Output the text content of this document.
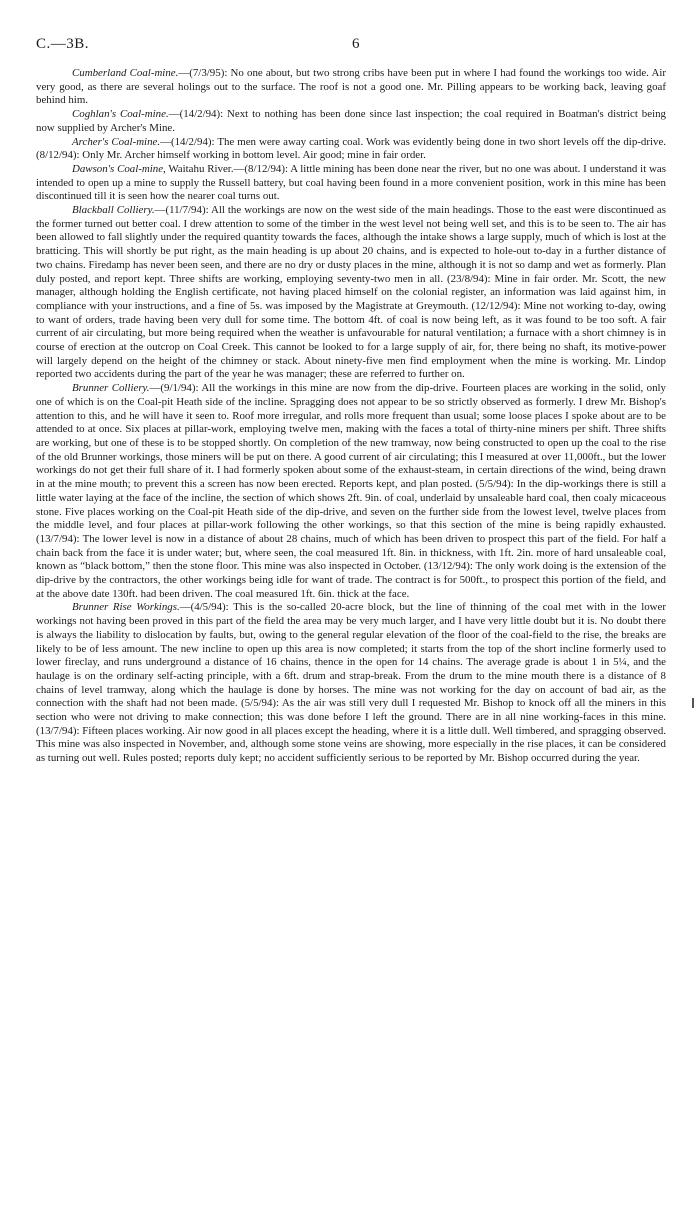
C.—3B.	6

Cumberland Coal-mine.—(7/3/95): No one about, but two strong cribs have been put in where I had found the workings too wide. Air very good, as there are several holings out to the surface. The roof is not a good one. Mr. Pilling appears to be working back, leaving goaf behind him.

Coghlan's Coal-mine.—(14/2/94): Next to nothing has been done since last inspection; the coal required in Boatman's district being now supplied by Archer's Mine.

Archer's Coal-mine.—(14/2/94): The men were away carting coal. Work was evidently being done in two short levels off the dip-drive. (8/12/94): Only Mr. Archer himself working in bottom level. Air good; mine in fair order.

Dawson's Coal-mine, Waitahu River.—(8/12/94): A little mining has been done near the river, but no one was about. I understand it was intended to open up a mine to supply the Russell battery, but coal having been found in a more convenient position, work in this mine has been discontinued till it is seen how the nearer coal turns out.

Blackball Colliery.—(11/7/94): All the workings are now on the west side of the main headings. Those to the east were discontinued as the former turned out better coal. I drew attention to some of the timber in the west level not being well set, and this is to be seen to. The air has been allowed to fall slightly under the required quantity towards the faces, although the intake shows a large supply, much of which is lost at the bratticing. This will shortly be put right, as the main heading is up about 20 chains, and is expected to hole-out to-day in a further distance of two chains. Firedamp has never been seen, and there are no dry or dusty places in the mine, although it is not so damp and wet as formerly. Plan duly posted, and report kept. Three shifts are working, employing seventy-two men in all. (23/8/94): Mine in fair order. Mr. Scott, the new manager, although holding the English certificate, not having placed himself on the colonial register, an information was laid against him, in compliance with your instructions, and a fine of 5s. was imposed by the Magistrate at Greymouth. (12/12/94): Mine not working to-day, owing to want of orders, trade having been very dull for some time. The bottom 4ft. of coal is now being left, as it was found to be too soft. A fair current of air circulating, but more being required when the weather is unfavourable for natural ventilation; a furnace with a short chimney is in course of erection at the outcrop on Coal Creek. This cannot be looked to for a large supply of air, for, there being no shaft, its motive-power will largely depend on the height of the chimney or stack. About ninety-five men find employment when the mine is working. Mr. Lindop reported two accidents during the part of the year he was manager; these are referred to further on.

Brunner Colliery.—(9/1/94): All the workings in this mine are now from the dip-drive. Fourteen places are working in the solid, only one of which is on the Coal-pit Heath side of the incline. Spragging does not appear to be so strictly observed as formerly. I drew Mr. Bishop's attention to this, and he will have it seen to. Roof more irregular, and rolls more frequent than usual; some loose places I spoke about are to be attended to at once. Six places at pillar-work, employing twelve men, making with the faces a total of thirty-nine miners per shift. Three shifts are working, but one of these is to be stopped shortly. On completion of the new tramway, now being constructed to open up the coal to the rise of the old Brunner workings, those miners will be put on there. A good current of air circulating; this I measured at over 11,000ft., but the lower workings do not get their full share of it. I had formerly spoken about some of the exhaust-steam, in certain directions of the wind, being drawn in at the mine mouth; to prevent this a screen has now been erected. Reports kept, and plan posted. (5/5/94): In the dip-workings there is still a little water laying at the face of the incline, the section of which shows 2ft. 9in. of coal, underlaid by unsaleable hard coal, then coaly micaceous stone. Five places working on the Coal-pit Heath side of the dip-drive, and seven on the further side from the lowest level, twelve places from the middle level, and four places at pillar-work following the other workings, so that this section of the mine is being rapidly exhausted. (13/7/94): The lower level is now in a distance of about 28 chains, much of which has been driven to prospect this part of the field. For half a chain back from the face it is under water; but, where seen, the coal measured 1ft. 8in. in thickness, with 1ft. 2in. more of hard unsaleable coal, known as “black bottom,” then the stone floor. This mine was also inspected in October. (13/12/94): The only work doing is the extension of the dip-drive by the contractors, the other workings being idle for want of trade. The contract is for 500ft., to prospect this portion of the field, and at the above date 130ft. had been driven. The coal measured 1ft. 6in. thick at the face.

Brunner Rise Workings.—(4/5/94): This is the so-called 20-acre block, but the line of thinning of the coal met with in the lower workings not having been proved in this part of the field the area may be very much larger, and I have very little doubt but it is. No doubt there is always the liability to dislocation by faults, but, owing to the general regular elevation of the floor of the coal-field to the rise, the breaks are likely to be of less amount. The new incline to open up this area is now completed; it starts from the top of the short incline formerly used to lower fireclay, and runs underground a distance of 16 chains, thence in the open for 14 chains. The average grade is about 1 in 5¼, and the haulage is on the ordinary self-acting principle, with a 6ft. drum and strap-break. From the drum to the mine mouth there is a distance of 8 chains of level tramway, along which the haulage is done by horses. The mine was not working for the day on account of bad air, as the connection with the shaft had not been made. (5/5/94): As the air was still very dull I requested Mr. Bishop to knock off all the miners in this section who were not driving to make connection; this was done before I left the ground. There are in all nine working-faces in this mine. (13/7/94): Fifteen places working. Air now good in all places except the heading, where it is a little dull. Well timbered, and spragging observed. This mine was also inspected in November, and, although some stone veins are showing, more especially in the rise places, it can be considered as turning out well. Rules posted; reports duly kept; no accident sufficiently serious to be reported by Mr. Bishop occurred during the year.
